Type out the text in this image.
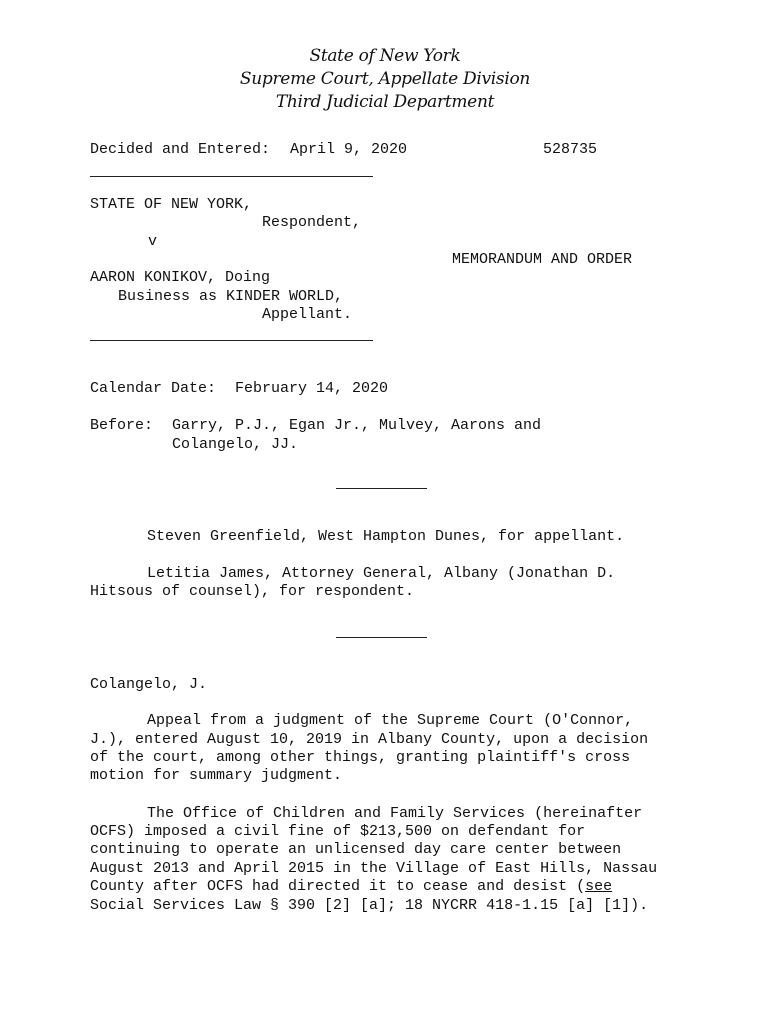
State of New York
Supreme Court, Appellate Division
Third Judicial Department
Decided and Entered: April 9, 2020	528735
STATE OF NEW YORK,
Respondent,
v
MEMORANDUM AND ORDER
AARON KONIKOV, Doing
Business as KINDER WORLD,
Appellant.
Calendar Date: February 14, 2020
Before: Garry, P.J., Egan Jr., Mulvey, Aarons and
Colangelo, JJ.
Steven Greenfield, West Hampton Dunes, for appellant.
Letitia James, Attorney General, Albany (Jonathan D.
Hitsous of counsel), for respondent.
Colangelo, J.
Appeal from a judgment of the Supreme Court (O'Connor,
J.), entered August 10, 2019 in Albany County, upon a decision
of the court, among other things, granting plaintiff's cross
motion for summary judgment.
The Office of Children and Family Services (hereinafter
OCFS) imposed a civil fine of $213,500 on defendant for
continuing to operate an unlicensed day care center between
August 2013 and April 2015 in the Village of East Hills, Nassau
County after OCFS had directed it to cease and desist (see
Social Services Law § 390 [2] [a]; 18 NYCRR 418-1.15 [a] [1]).
